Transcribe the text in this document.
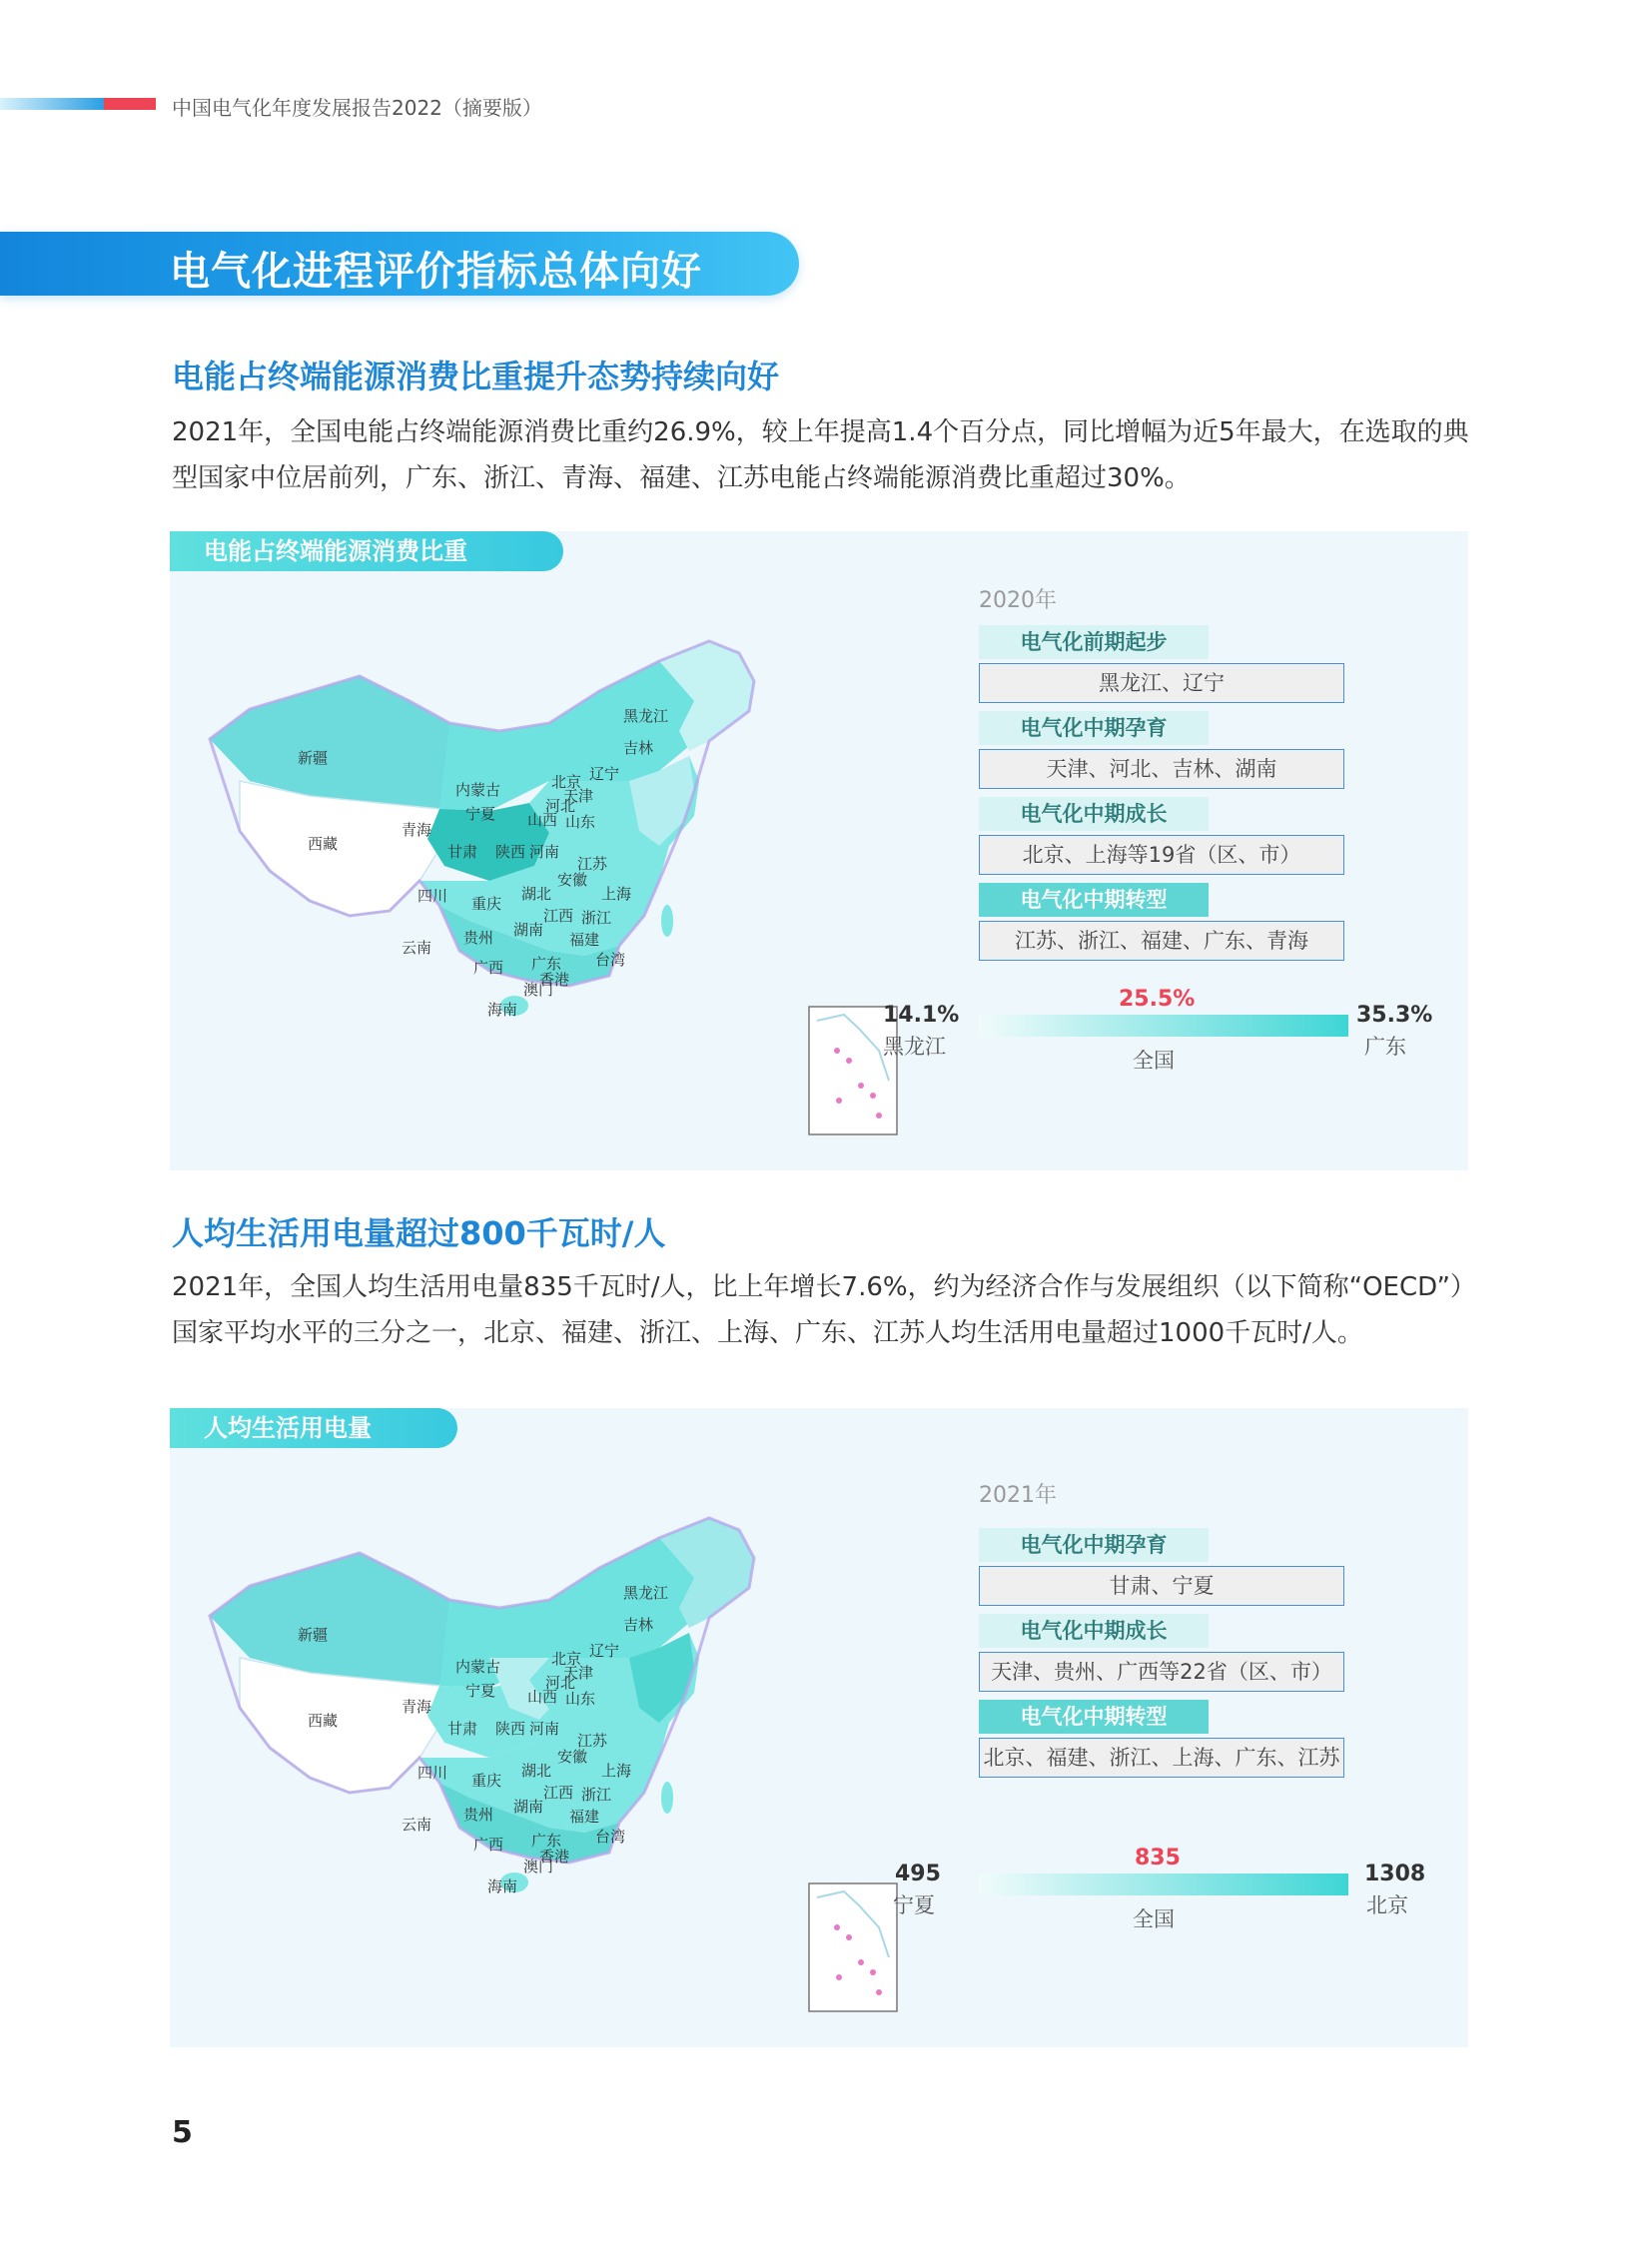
中国电气化年度发展报告2022（摘要版）
电气化进程评价指标总体向好
电能占终端能源消费比重提升态势持续向好
2021年，全国电能占终端能源消费比重约26.9%，较上年提高1.4个百分点，同比增幅为近5年最大，在选取的典型国家中位居前列，广东、浙江、青海、福建、江苏电能占终端能源消费比重超过30%。
电能占终端能源消费比重
新疆
西藏
青海
甘肃
内蒙古
宁夏
陕西
山西
河北
北京
天津
黑龙江
吉林
辽宁
山东
河南
江苏
安徽
上海
四川 重庆
湖北
浙江
湖南
江西
贵州
云南	福建
广西 广东 台湾
香港
澳门
海南
2020年
电气化前期起步
黑龙江、辽宁
电气化中期孕育
天津、河北、吉林、湖南
电气化中期成长
北京、上海等19省（区、市）
电气化中期转型
江苏、浙江、福建、广东、青海
14.1%
黑龙江
25.5%
全国
35.3%
广东
人均生活用电量超过800千瓦时/人
2021年，全国人均生活用电量835千瓦时/人，比上年增长7.6%，约为经济合作与发展组织（以下简称“OECD”）国家平均水平的三分之一，北京、福建、浙江、上海、广东、江苏人均生活用电量超过1000千瓦时/人。
人均生活用电量
新疆
西藏
青海
甘肃
内蒙古
宁夏
陕西
山西
河北
北京
天津
黑龙江
吉林
辽宁
山东
河南
江苏
安徽
上海
四川 重庆
湖北
浙江
湖南
江西
贵州
云南	福建
广西 广东 台湾
香港
澳门
海南
2021年
电气化中期孕育
甘肃、宁夏
电气化中期成长
天津、贵州、广西等22省（区、市）
电气化中期转型
北京、福建、浙江、上海、广东、江苏
495
宁夏
835
全国
1308
北京
5
